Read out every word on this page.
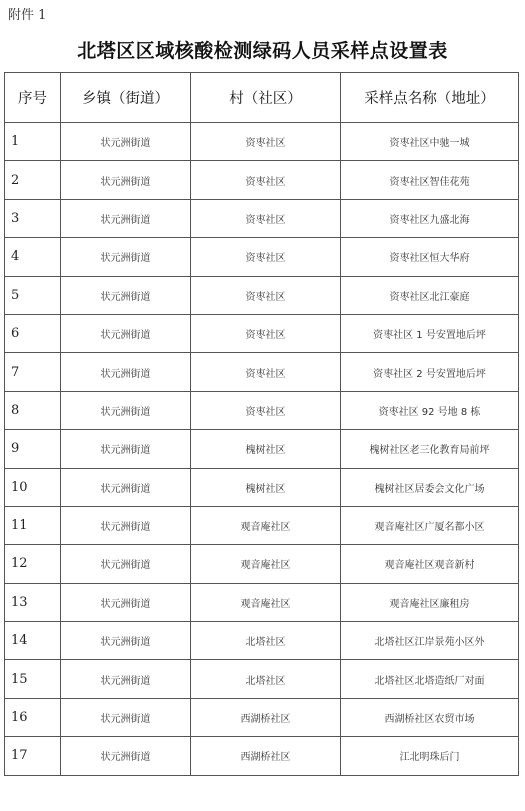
附件 1
北塔区区域核酸检测绿码人员采样点设置表
序号	乡镇（街道）	村（社区）	采样点名称（地址）
1	状元洲街道	资枣社区	资枣社区中驰一城
2	状元洲街道	资枣社区	资枣社区智佳花苑
3	状元洲街道	资枣社区	资枣社区九盛北海
4	状元洲街道	资枣社区	资枣社区恒大华府
5	状元洲街道	资枣社区	资枣社区北江豪庭
6	状元洲街道	资枣社区	资枣社区 1 号安置地后坪
7	状元洲街道	资枣社区	资枣社区 2 号安置地后坪
8	状元洲街道	资枣社区	资枣社区 92 号地 8 栋
9	状元洲街道	槐树社区	槐树社区老三化教育局前坪
10	状元洲街道	槐树社区	槐树社区居委会文化广场
11	状元洲街道	观音庵社区	观音庵社区广厦名都小区
12	状元洲街道	观音庵社区	观音庵社区观音新村
13	状元洲街道	观音庵社区	观音庵社区廉租房
14	状元洲街道	北塔社区	北塔社区江岸景苑小区外
15	状元洲街道	北塔社区	北塔社区北塔造纸厂对面
16	状元洲街道	西湖桥社区	西湖桥社区农贸市场
17	状元洲街道	西湖桥社区	江北明珠后门
